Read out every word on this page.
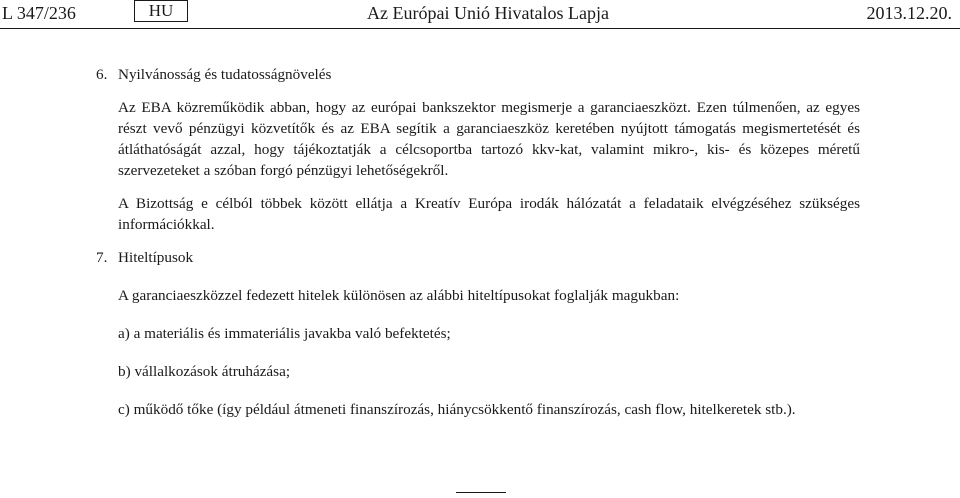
L 347/236	HU	Az Európai Unió Hivatalos Lapja	2013.12.20.
6. Nyilvánosság és tudatosságnövelés

Az EBA közreműködik abban, hogy az európai bankszektor megismerje a garanciaeszközt. Ezen túlmenően, az egyes

részt vevő pénzügyi közvetítők és az EBA segítik a garanciaeszköz keretében nyújtott támogatás megismertetését és

átláthatóságát azzal, hogy tájékoztatják a célcsoportba tartozó kkv-kat, valamint mikro-, kis- és közepes méretű

szervezeteket a szóban forgó pénzügyi lehetőségekről.

A Bizottság e célból többek között ellátja a Kreatív Európa irodák hálózatát a feladataik elvégzéséhez szükséges

információkkal.

7. Hiteltípusok

A garanciaeszközzel fedezett hitelek különösen az alábbi hiteltípusokat foglalják magukban:

a) a materiális és immateriális javakba való befektetés;

b) vállalkozások átruházása;

c) működő tőke (így például átmeneti finanszírozás, hiánycsökkentő finanszírozás, cash flow, hitelkeretek stb.).
